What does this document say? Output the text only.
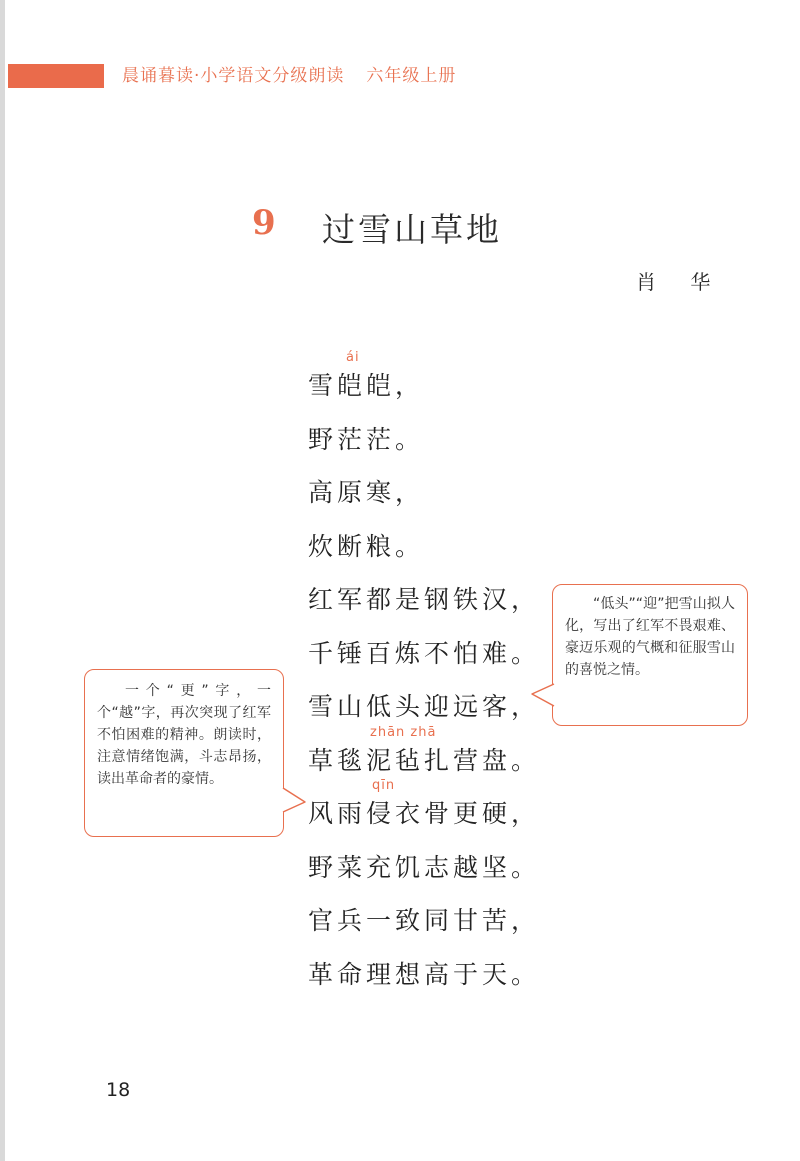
晨诵暮读·小学语文分级朗读 六年级上册
9 过雪山草地
肖 华
ái
雪皑皑，
野茫茫。
高原寒，
炊断粮。
红军都是钢铁汉，
千锤百炼不怕难。
雪山低头迎远客，
zhān zhā
草毯泥毡扎营盘。
qīn
风雨侵衣骨更硬，
野菜充饥志越坚。
官兵一致同甘苦，
革命理想高于天。

“低头”“迎”把雪山拟人化，写出了红军不畏艰难、豪迈乐观的气概和征服雪山的喜悦之情。

一个“更”字，一个“越”字，再次突现了红军不怕困难的精神。朗读时，注意情绪饱满，斗志昂扬，读出革命者的豪情。

18
